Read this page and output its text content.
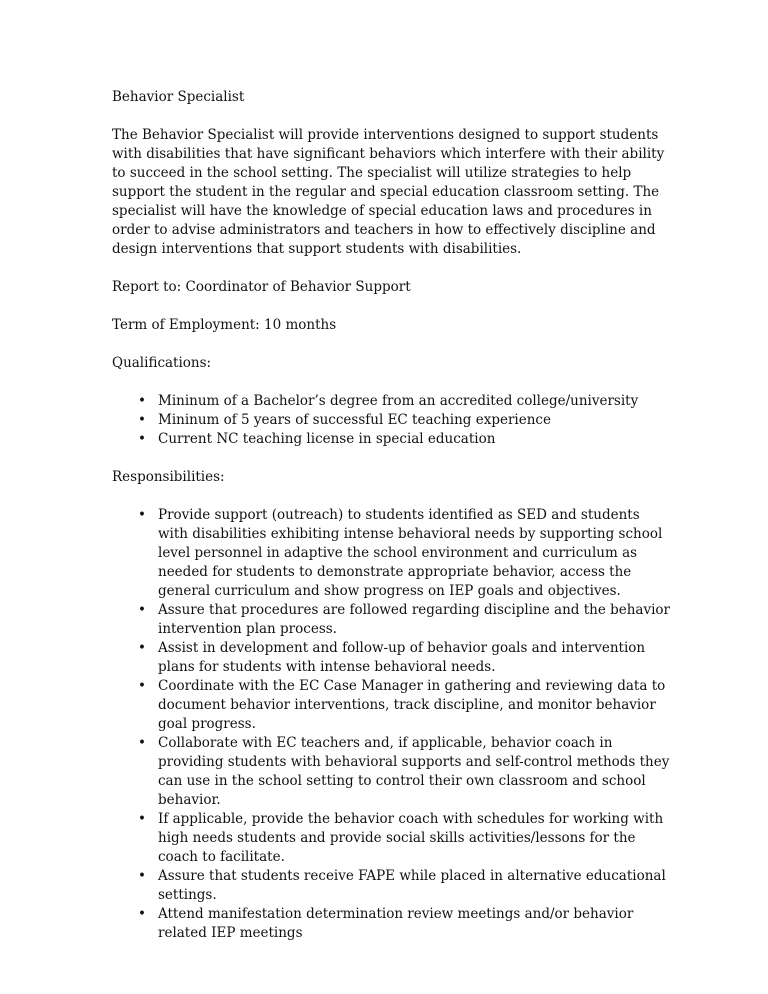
Behavior Specialist

The Behavior Specialist will provide interventions designed to support students with disabilities that have significant behaviors which interfere with their ability to succeed in the school setting. The specialist will utilize strategies to help support the student in the regular and special education classroom setting. The specialist will have the knowledge of special education laws and procedures in order to advise administrators and teachers in how to effectively discipline and design interventions that support students with disabilities.

Report to: Coordinator of Behavior Support

Term of Employment: 10 months

Qualifications:

• Mininum of a Bachelor’s degree from an accredited college/university
• Mininum of 5 years of successful EC teaching experience
• Current NC teaching license in special education

Responsibilities:

• Provide support (outreach) to students identified as SED and students with disabilities exhibiting intense behavioral needs by supporting school level personnel in adaptive the school environment and curriculum as needed for students to demonstrate appropriate behavior, access the general curriculum and show progress on IEP goals and objectives.
• Assure that procedures are followed regarding discipline and the behavior intervention plan process.
• Assist in development and follow-up of behavior goals and intervention plans for students with intense behavioral needs.
• Coordinate with the EC Case Manager in gathering and reviewing data to document behavior interventions, track discipline, and monitor behavior goal progress.
• Collaborate with EC teachers and, if applicable, behavior coach in providing students with behavioral supports and self-control methods they can use in the school setting to control their own classroom and school behavior.
• If applicable, provide the behavior coach with schedules for working with high needs students and provide social skills activities/lessons for the coach to facilitate.
• Assure that students receive FAPE while placed in alternative educational settings.
• Attend manifestation determination review meetings and/or behavior related IEP meetings
